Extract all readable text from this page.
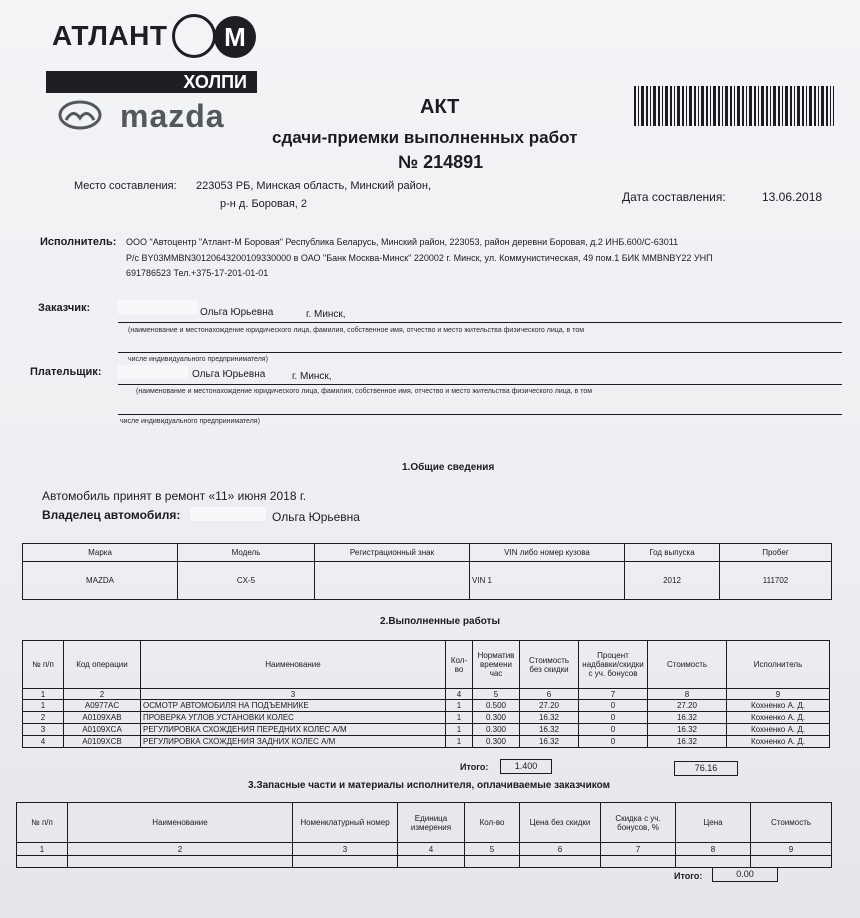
АТЛАНТ	М
ХОЛПИ
mazda	АКТ
сдачи-приемки выполненных работ
№ 214891
Место составления: 223053 РБ, Минская область, Минский район,
р-н д. Боровая, 2	Дата составления:	13.06.2018
Исполнитель: ООО "Автоцентр "Атлант-М Боровая" Республика Беларусь, Минский район, 223053, район деревни Боровая, д.2 ИНБ.600/С-63011
Р/с BY03MMBN30120643200109330000 в ОАО "Банк Москва-Минск" 220002 г. Минск, ул. Коммунистическая, 49 пом.1 БИК MMBNBY22 УНП
691786523 Тел.+375-17-201-01-01
Заказчик:	Ольга Юрьевна	г. Минск,
(наименование и местонахождение юридического лица, фамилия, собственное имя, отчество и место жительства физического лица, в том
числе индивидуального предпринимателя)
Плательщик:	Ольга Юрьевна	г. Минск,
(наименование и местонахождение юридического лица, фамилия, собственное имя, отчество и место жительства физического лица, в том
числе индивидуального предпринимателя)
1.Общие сведения
Автомобиль принят в ремонт «11» июня 2018 г.
Владелец автомобиля:	Ольга Юрьевна
Марка	Модель	Регистрационный знак	VIN либо номер кузова	Год выпуска	Пробег
MAZDA	CX-5		VIN 1	2012	111702
2.Выполненные работы
№ п/п	Код операции	Наименование	Кол-во	Норматив времени час	Стоимость без скидки	Процент надбавки/скидки с уч. бонусов	Стоимость	Исполнитель
1	2	3	4	5	6	7	8	9
1	A0977AC	ОСМОТР АВТОМОБИЛЯ НА ПОДЪЕМНИКЕ	1	0.500	27.20	0	27.20	Кохненко А. Д.
2	A0109XAB	ПРОВЕРКА УГЛОВ УСТАНОВКИ КОЛЕС	1	0.300	16.32	0	16.32	Кохненко А. Д.
3	A0109XCA	РЕГУЛИРОВКА СХОЖДЕНИЯ ПЕРЕДНИХ КОЛЕС А/М	1	0.300	16.32	0	16.32	Кохненко А. Д.
4	A0109XCB	РЕГУЛИРОВКА СХОЖДЕНИЯ ЗАДНИХ КОЛЕС А/М	1	0.300	16.32	0	16.32	Кохненко А. Д.
Итого:	1.400	76.16
3.Запасные части и материалы исполнителя, оплачиваемые заказчиком
№ п/п	Наименование	Номенклатурный номер	Единица измерения	Кол-во	Цена без скидки	Скидка с уч. бонусов, %	Цена	Стоимость
1	2	3	4	5	6	7	8	9

Итого:	0.00
